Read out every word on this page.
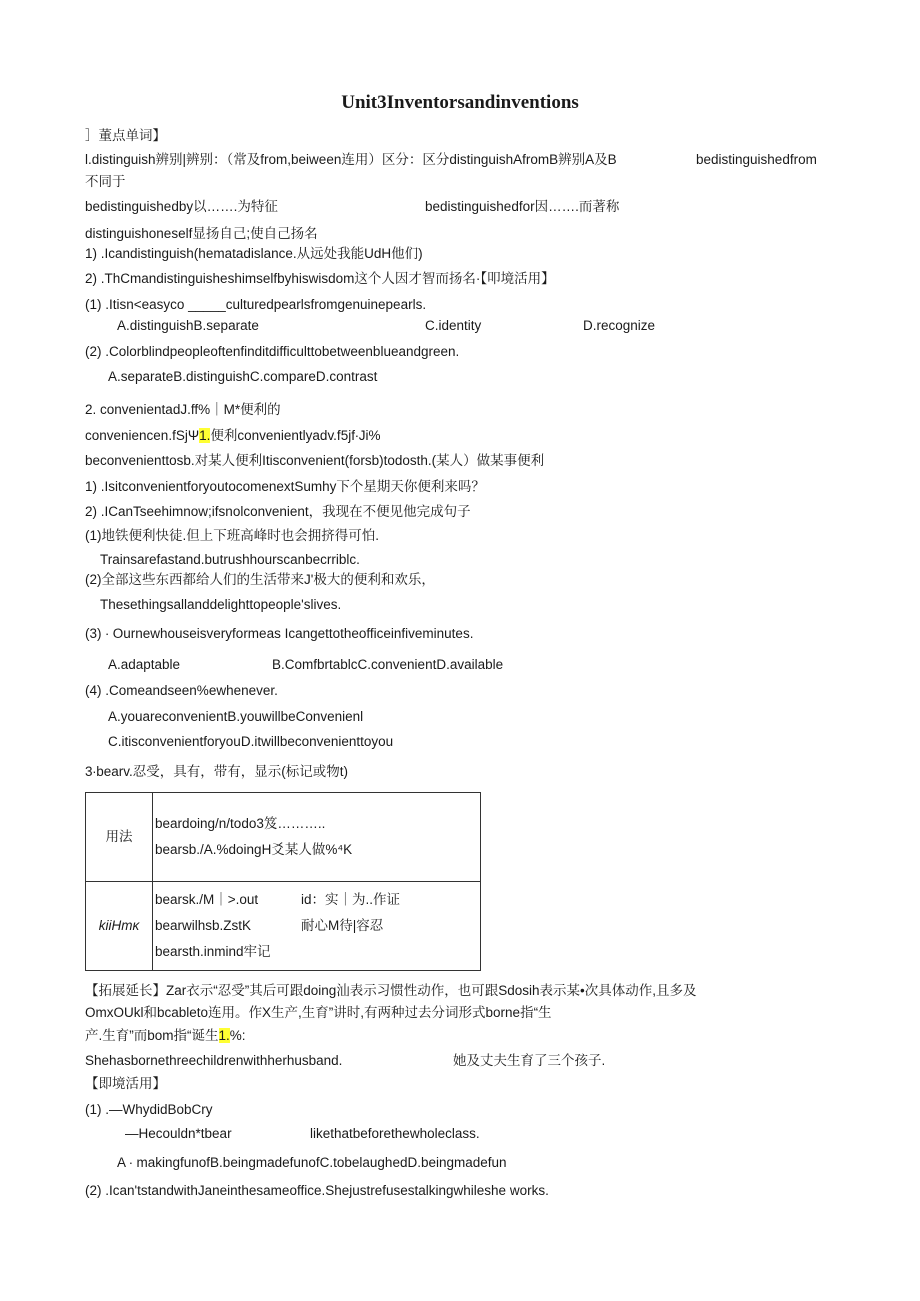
Unit3Inventorsandinventions
］董点单词】
l.distinguish辨别|辨别：（常及from,beiween连用）区分：区分distinguishAfromB辨别A及B	bedistinguishedfrom
不同于
bedistinguishedby以…….为特征	bedistinguishedfor因…….而著称
distinguishoneself显扬自己;使自己扬名
1) .Icandistinguish(hematadislance.从远处我能UdH他们)
2) .ThCmandistinguisheshimselfbyhiswisdom这个人因才智而扬名·【叩境活用】
(1) .Itisn<easyco _____culturedpearlsfromgenuinepearls.
A.distinguishB.separate	C.identity	D.recognize
(2) .Colorblindpeopleoftenfinditdifficulttobetweenblueandgreen.
A.separateB.distinguishC.compareD.contrast
2. convenientadJ.ff%｜M*便利的
conveniencen.fSjΨ1.便利convenientlyadv.f5jf∙Ji%
beconvenienttosb.对某人便利Itisconvenient(forsb)todosth.(某人）做某事便利
1) .IsitconvenientforyoutocomenextSumhy下个星期天你便利来吗？
2) .ICanTseehimnow;ifsnolconvenient，我现在不便见他完成句子
(1)地铁便利快徒.但上下班高峰时也会拥挤得可怕.
Trainsarefastand.butrushhourscanbecrriblc.
(2)全部这些东西都给人们的生活带来J'极大的便利和欢乐，
Thesethingsallanddelighttopeople'slives.
(3) ∙ Ournewhouseisveryformeas Icangettotheofficeinfiveminutes.
A.adaptable	B.ComfbrtablcC.convenientD.available
(4) .Comeandseen%ewhenever.
A.youareconvenientB.youwillbeConvenienl
C.itisconvenientforyouD.itwillbeconvenienttoyou
3∙bearv.忍受，具有，带有，显示(标记或物t)
用法	beardoing/n/todo3笈………..
bearsb./A.%doingH爻某人做%⁴K

kiiHmκ	bearsk./M｜>.out id：实｜为..作证
bearwilhsb.ZstK 耐心M待|容忍
bearsth.inmind牢记
【拓展延长】Zar衣示“忍受”其后可跟doing汕表示习惯性动作，也可跟Sdosih表示某•次具体动作,且多及
OmxOUkl和bcableto连用。作X生产,生育”讲时,有两种过去分词形式borne指“生
产.生育”而bom指“诞生1.%:
Shehasbornethreechildrenwithherhusband.	她及丈夫生育了三个孩子.
【即境活用】
(1) .—WhydidBobCry
—Hecouldn*tbear	likethatbeforethewholeclass.
A ∙ makingfunofB.beingmadefunofC.tobelaughedD.beingmadefun
(2) .Ican'tstandwithJaneinthesameoffice.Shejustrefusestalkingwhileshe works.
